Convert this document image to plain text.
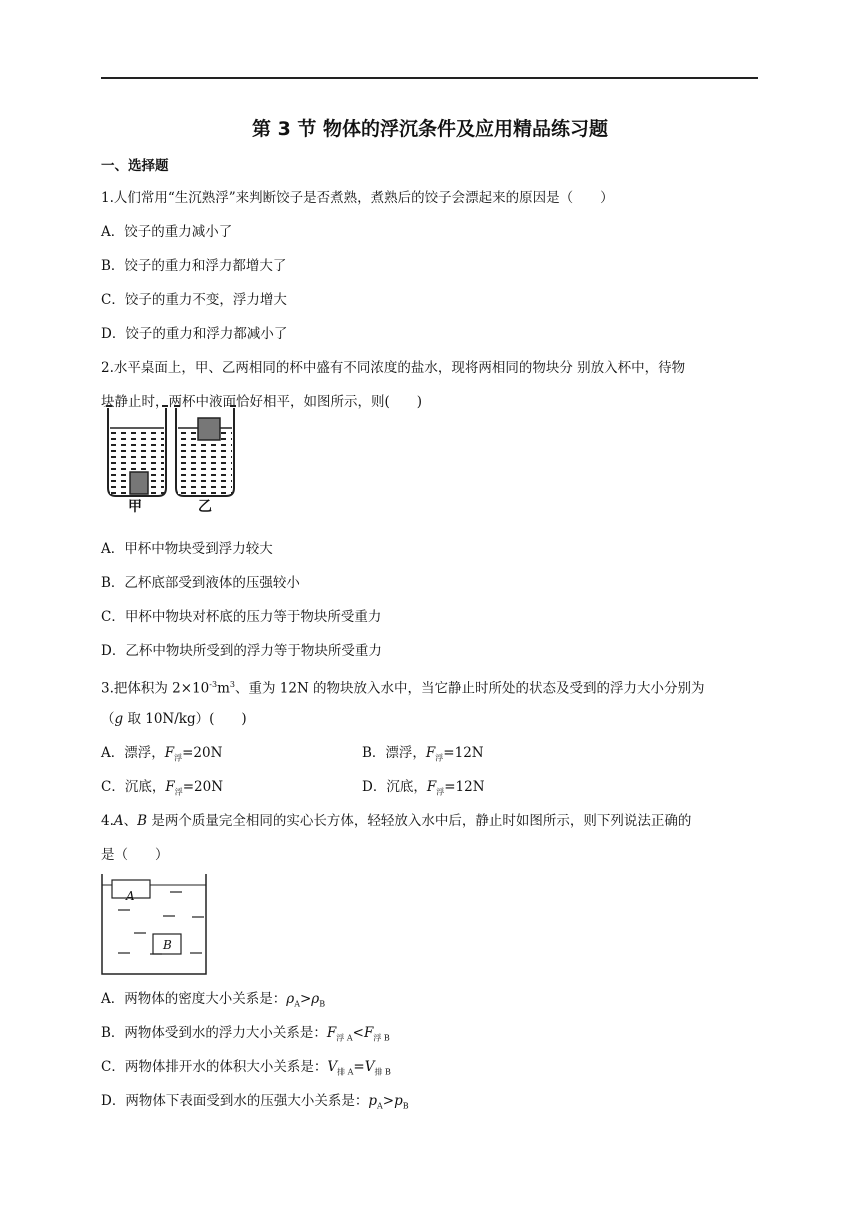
第 3 节 物体的浮沉条件及应用精品练习题
一、选择题
1.人们常用“生沉熟浮”来判断饺子是否煮熟，煮熟后的饺子会漂起来的原因是（　　）
A．饺子的重力减小了
B．饺子的重力和浮力都增大了
C．饺子的重力不变，浮力增大
D．饺子的重力和浮力都减小了
2.水平桌面上，甲、乙两相同的杯中盛有不同浓度的盐水，现将两相同的物块分 别放入杯中，待物
块静止时，两杯中液面恰好相平，如图所示，则(　　)
甲	乙
A．甲杯中物块受到浮力较大
B．乙杯底部受到液体的压强较小
C．甲杯中物块对杯底的压力等于物块所受重力
D．乙杯中物块所受到的浮力等于物块所受重力
3.把体积为 $2\times 10^{-3}m^3$、重为 12N 的物块放入水中，当它静止时所处的状态及受到的浮力大小分别为
（g 取 10N/kg）(　　)
A．漂浮，$F_浮=20N$	B．漂浮，$F_浮=12N$
C．沉底，$F_浮=20N$	D．沉底，$F_浮=12N$
4.A、B 是两个质量完全相同的实心长方体，轻轻放入水中后，静止时如图所示，则下列说法正确的
是（　　）
A
B
A．两物体的密度大小关系是：$\rho_A>\rho_B$
B．两物体受到水的浮力大小关系是：$F_{浮 A}<F_{浮 B}$
C．两物体排开水的体积大小关系是：$V_{排 A}=V_{排 B}$
D．两物体下表面受到水的压强大小关系是：$p_A>p_B$
